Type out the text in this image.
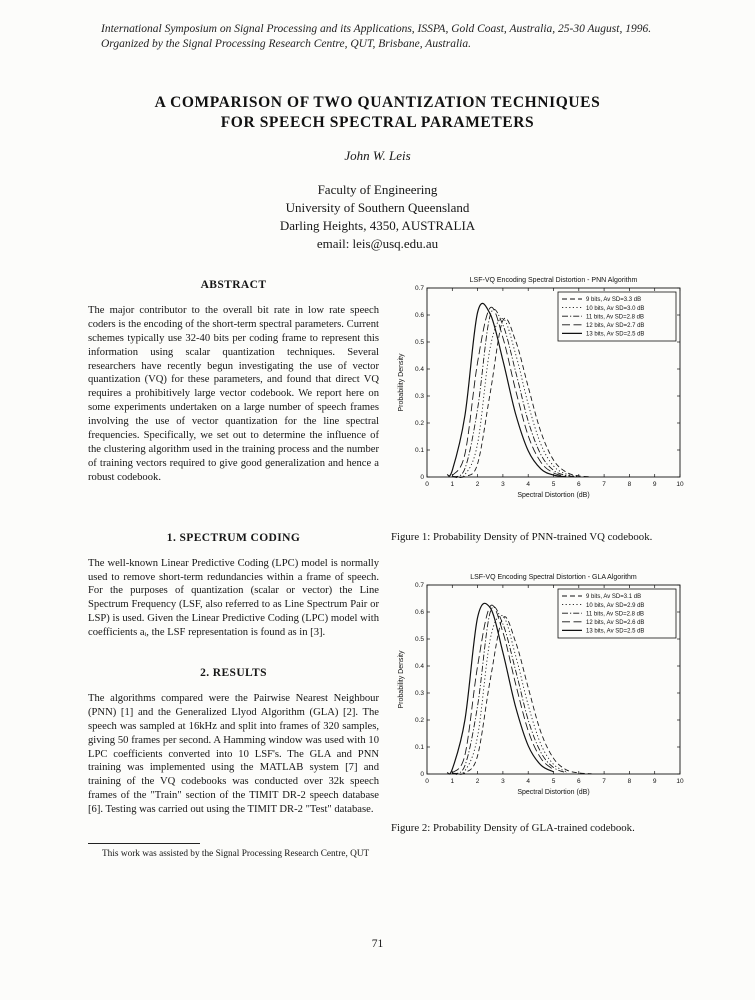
International Symposium on Signal Processing and its Applications, ISSPA, Gold Coast, Australia, 25-30 August, 1996.
Organized by the Signal Processing Research Centre, QUT, Brisbane, Australia.
A COMPARISON OF TWO QUANTIZATION TECHNIQUES
FOR SPEECH SPECTRAL PARAMETERS
John W. Leis
Faculty of Engineering
University of Southern Queensland
Darling Heights, 4350, AUSTRALIA
email: leis@usq.edu.au
ABSTRACT

The major contributor to the overall bit rate in low rate speech coders is the encoding of the short-term spectral parameters. Current schemes typically use 32-40 bits per coding frame to represent this information using scalar quantization techniques. Several researchers have recently begun investigating the use of vector quantization (VQ) for these parameters, and found that direct VQ requires a prohibitively large vector codebook. We report here on some experiments undertaken on a large number of speech frames involving the use of vector quantization for the line spectral frequencies. Specifically, we set out to determine the influence of the clustering algorithm used in the training process and the number of training vectors required to give good generalization and hence a robust codebook.

1. SPECTRUM CODING

The well-known Linear Predictive Coding (LPC) model is normally used to remove short-term redundancies within a frame of speech. For the purposes of quantization (scalar or vector) the Line Spectrum Frequency (LSF, also referred to as Line Spectrum Pair or LSP) is used. Given the Linear Predictive Coding (LPC) model with coefficients aᵢ, the LSF representation is found as in [3].

2. RESULTS

The algorithms compared were the Pairwise Nearest Neighbour (PNN) [1] and the Generalized Llyod Algorithm (GLA) [2]. The speech was sampled at 16kHz and split into frames of 320 samples, giving 50 frames per second. A Hamming window was used with 10 LPC coefficients converted into 10 LSF's. The GLA and PNN training was implemented using the MATLAB system [7] and training of the VQ codebooks was conducted over 32k speech frames of the "Train" section of the TIMIT DR-2 speech database [6]. Testing was carried out using the TIMIT DR-2 "Test" database.

This work was assisted by the Signal Processing Research Centre, QUT
LSF-VQ Encoding Spectral Distortion - PNN Algorithm
0	1	2	3	4	5	6	7	8	9	10
0
0.1
0.2
0.3
0.4
0.5
0.6
0.7
Spectral Distortion (dB)
Probability Density
9 bits, Av SD=3.3 dB
10 bits, Av SD=3.0 dB
11 bits, Av SD=2.8 dB
12 bits, Av SD=2.7 dB
13 bits, Av SD=2.5 dB

Figure 1: Probability Density of PNN-trained VQ codebook.

LSF-VQ Encoding Spectral Distortion - GLA Algorithm
0	1	2	3	4	5	6	7	8	9	10
0
0.1
0.2
0.3
0.4
0.5
0.6
0.7
Spectral Distortion (dB)
Probability Density
9 bits, Av SD=3.1 dB
10 bits, Av SD=2.9 dB
11 bits, Av SD=2.8 dB
12 bits, Av SD=2.6 dB
13 bits, Av SD=2.5 dB

Figure 2: Probability Density of GLA-trained codebook.

71
